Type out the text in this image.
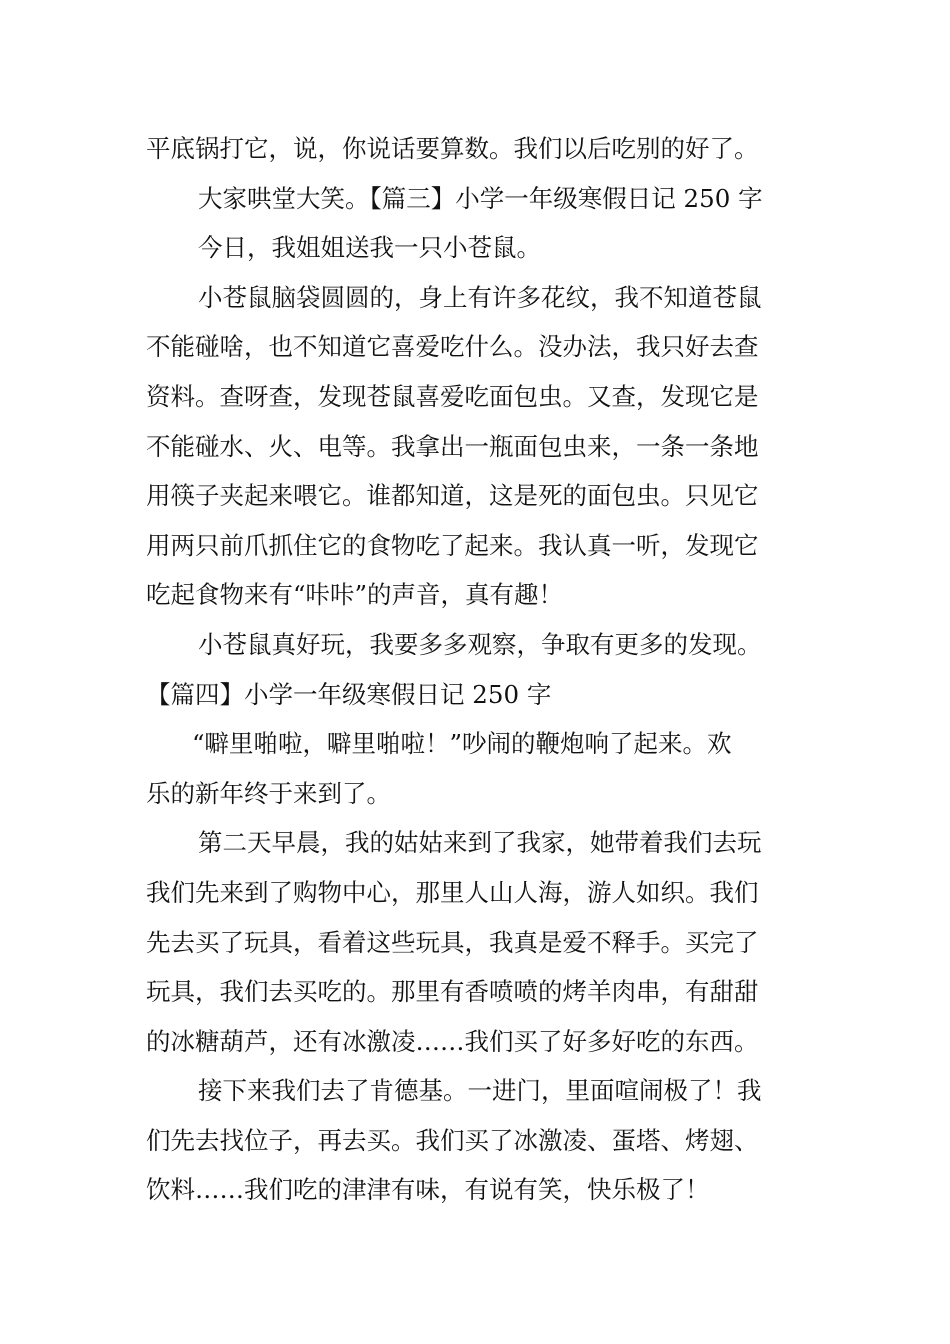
平底锅打它，说，你说话要算数。我们以后吃别的好了。
大家哄堂大笑。【篇三】小学一年级寒假日记 250 字
今日，我姐姐送我一只小苍鼠。
小苍鼠脑袋圆圆的，身上有许多花纹，我不知道苍鼠
不能碰啥，也不知道它喜爱吃什么。没办法，我只好去查
资料。查呀查，发现苍鼠喜爱吃面包虫。又查，发现它是
不能碰水、火、电等。我拿出一瓶面包虫来，一条一条地
用筷子夹起来喂它。谁都知道，这是死的面包虫。只见它
用两只前爪抓住它的食物吃了起来。我认真一听，发现它
吃起食物来有“咔咔”的声音，真有趣！
小苍鼠真好玩，我要多多观察，争取有更多的发现。
【篇四】小学一年级寒假日记 250 字
“噼里啪啦，噼里啪啦！”吵闹的鞭炮响了起来。欢
乐的新年终于来到了。
第二天早晨，我的姑姑来到了我家，她带着我们去玩
我们先来到了购物中心，那里人山人海，游人如织。我们
先去买了玩具，看着这些玩具，我真是爱不释手。买完了
玩具，我们去买吃的。那里有香喷喷的烤羊肉串，有甜甜
的冰糖葫芦，还有冰激凌……我们买了好多好吃的东西。
接下来我们去了肯德基。一进门，里面喧闹极了！我
们先去找位子，再去买。我们买了冰激凌、蛋塔、烤翅、
饮料……我们吃的津津有味，有说有笑，快乐极了！
